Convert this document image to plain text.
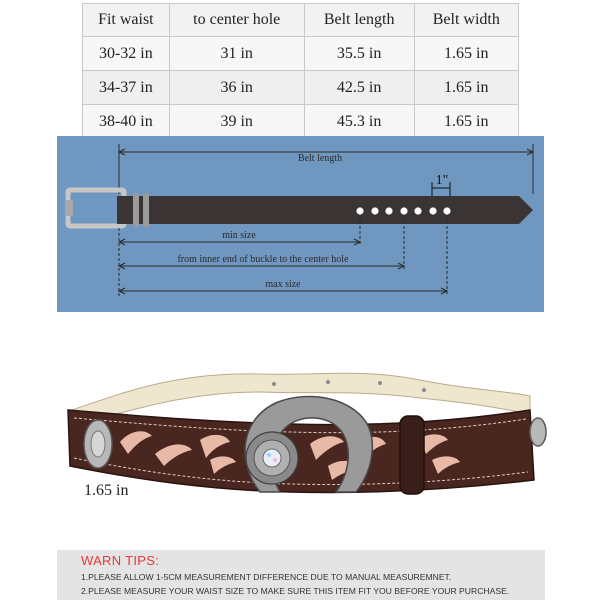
Fit waist	to center hole	Belt length	Belt width
30-32 in	31 in	35.5 in	1.65 in
34-37 in	36 in	42.5 in	1.65 in
38-40 in	39 in	45.3 in	1.65 in
Belt length
1"
min size
from inner end of buckle to the center hole
max size
1.65 in
WARN TIPS:
1.PLEASE ALLOW 1-5CM MEASUREMENT DIFFERENCE DUE TO MANUAL MEASUREMNET.
2.PLEASE MEASURE YOUR WAIST SIZE TO MAKE SURE THIS ITEM FIT YOU BEFORE YOUR PURCHASE.
